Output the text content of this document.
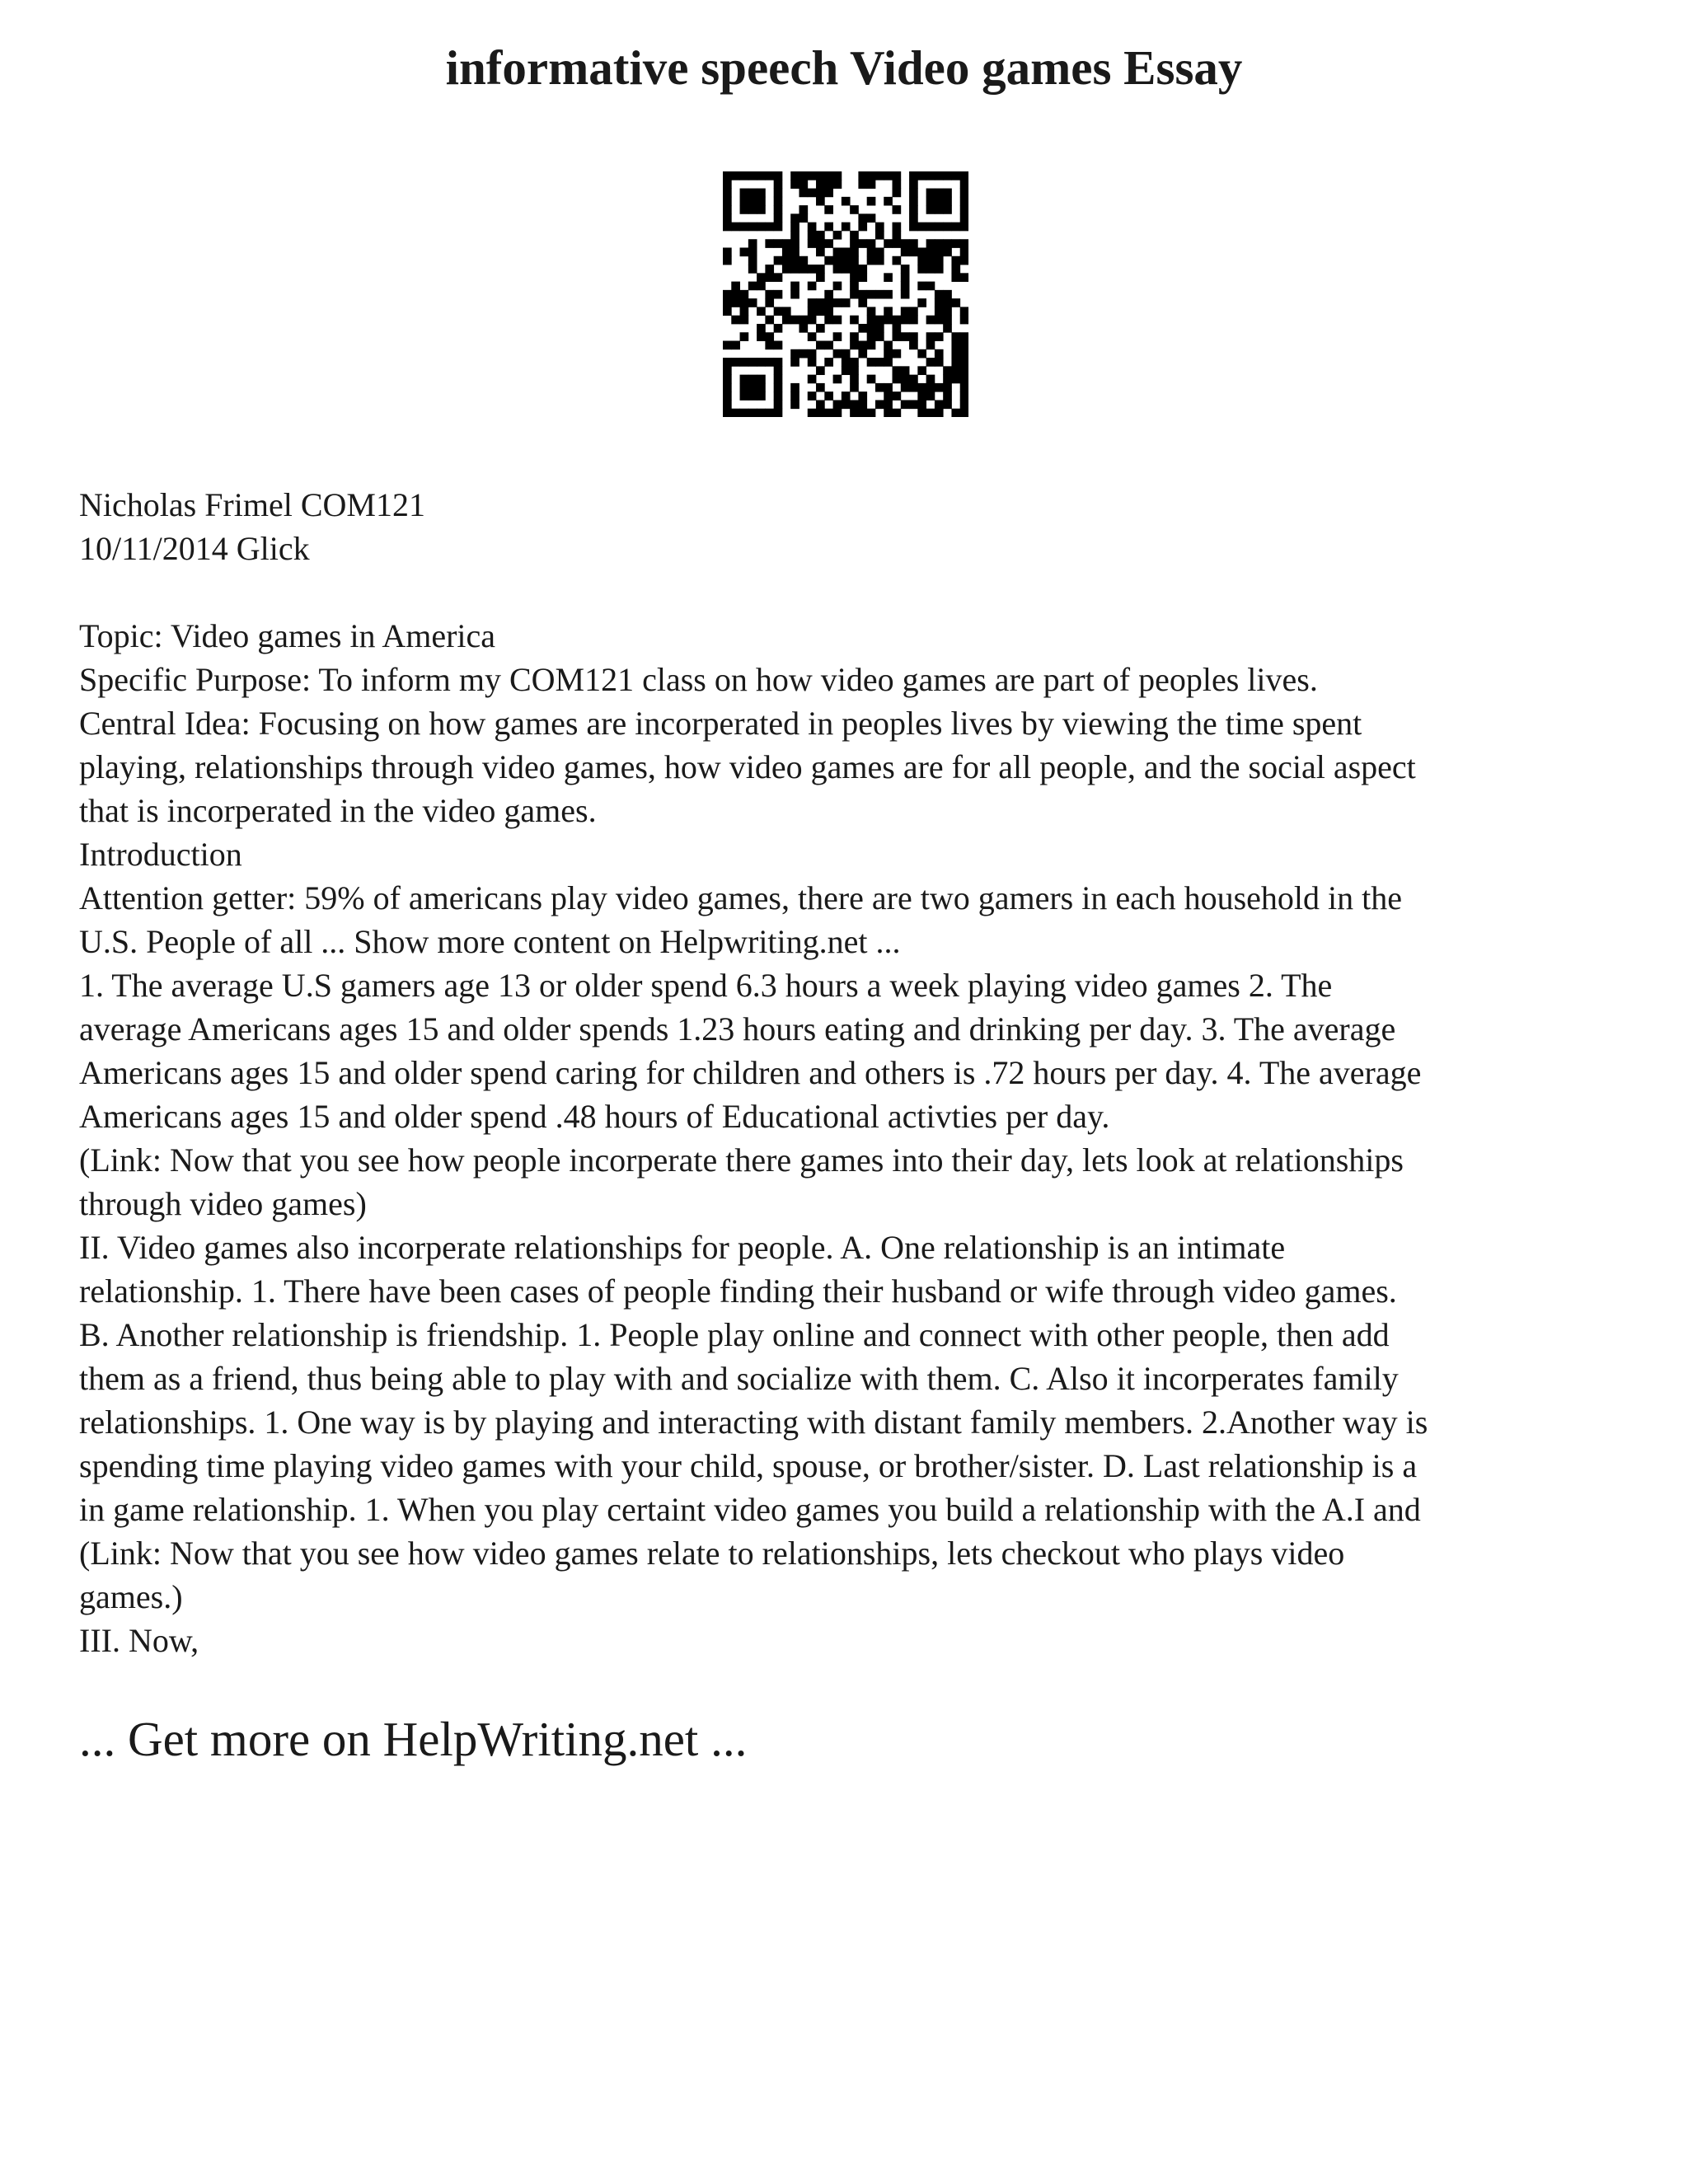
informative speech Video games Essay
Nicholas Frimel COM121
10/11/2014 Glick
Topic: Video games in America
Specific Purpose: To inform my COM121 class on how video games are part of peoples lives.
Central Idea: Focusing on how games are incorperated in peoples lives by viewing the time spent
playing, relationships through video games, how video games are for all people, and the social aspect
that is incorperated in the video games.
Introduction
Attention getter: 59% of americans play video games, there are two gamers in each household in the
U.S. People of all ... Show more content on Helpwriting.net ...
1. The average U.S gamers age 13 or older spend 6.3 hours a week playing video games 2. The
average Americans ages 15 and older spends 1.23 hours eating and drinking per day. 3. The average
Americans ages 15 and older spend caring for children and others is .72 hours per day. 4. The average
Americans ages 15 and older spend .48 hours of Educational activties per day.
(Link: Now that you see how people incorperate there games into their day, lets look at relationships
through video games)
II. Video games also incorperate relationships for people. A. One relationship is an intimate
relationship. 1. There have been cases of people finding their husband or wife through video games.
B. Another relationship is friendship. 1. People play online and connect with other people, then add
them as a friend, thus being able to play with and socialize with them. C. Also it incorperates family
relationships. 1. One way is by playing and interacting with distant family members. 2.Another way is
spending time playing video games with your child, spouse, or brother/sister. D. Last relationship is a
in game relationship. 1. When you play certaint video games you build a relationship with the A.I and
(Link: Now that you see how video games relate to relationships, lets checkout who plays video
games.)
III. Now,
... Get more on HelpWriting.net ...
